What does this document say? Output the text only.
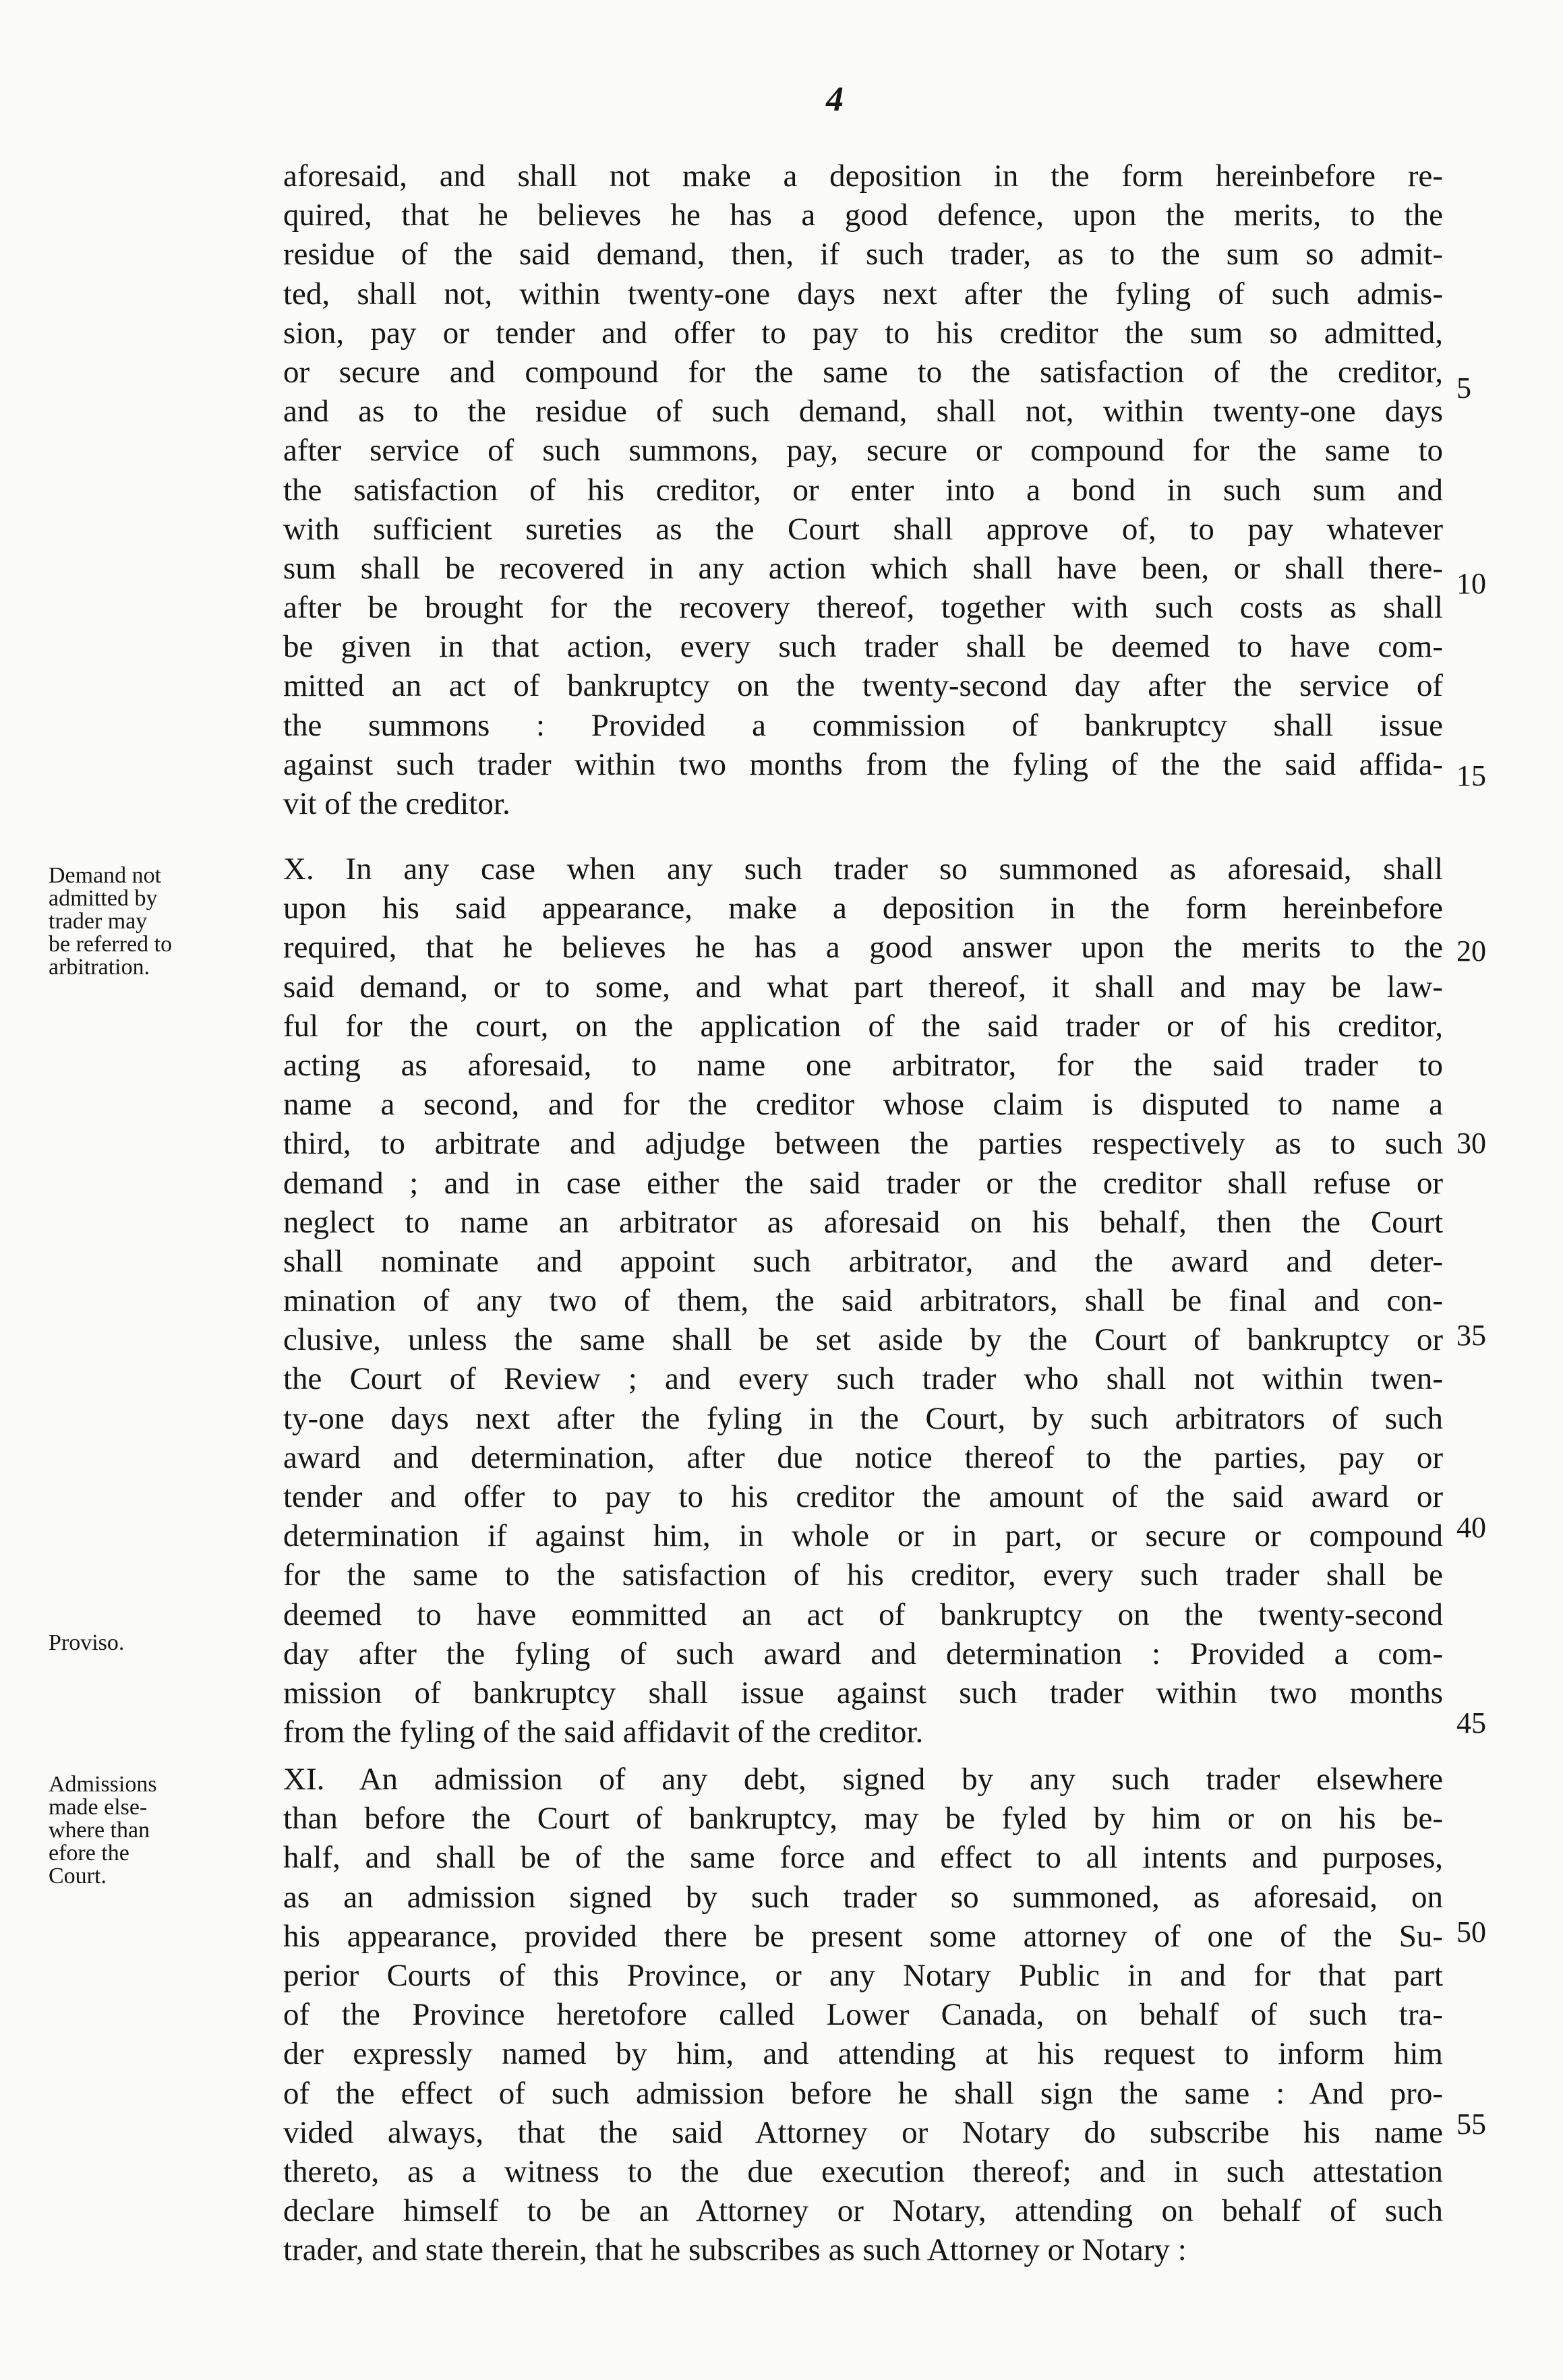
4
aforesaid, and shall not make a deposition in the form hereinbefore re-
quired, that he believes he has a good defence, upon the merits, to the
residue of the said demand, then, if such trader, as to the sum so admit-
ted, shall not, within twenty-one days next after the fyling of such admis-
sion, pay or tender and offer to pay to his creditor the sum so admitted,
or secure and compound for the same to the satisfaction of the creditor,
and as to the residue of such demand, shall not, within twenty-one days
after service of such summons, pay, secure or compound for the same to
the satisfaction of his creditor, or enter into a bond in such sum and
with sufficient sureties as the Court shall approve of, to pay whatever
sum shall be recovered in any action which shall have been, or shall there-
after be brought for the recovery thereof, together with such costs as shall
be given in that action, every such trader shall be deemed to have com-
mitted an act of bankruptcy on the twenty-second day after the service of
the summons : Provided a commission of bankruptcy shall issue
against such trader within two months from the fyling of the the said affida-
vit of the creditor.
X. In any case when any such trader so summoned as aforesaid, shall
upon his said appearance, make a deposition in the form hereinbefore
required, that he believes he has a good answer upon the merits to the
said demand, or to some, and what part thereof, it shall and may be law-
ful for the court, on the application of the said trader or of his creditor,
acting as aforesaid, to name one arbitrator, for the said trader to
name a second, and for the creditor whose claim is disputed to name a
third, to arbitrate and adjudge between the parties respectively as to such
demand ; and in case either the said trader or the creditor shall refuse or
neglect to name an arbitrator as aforesaid on his behalf, then the Court
shall nominate and appoint such arbitrator, and the award and deter-
mination of any two of them, the said arbitrators, shall be final and con-
clusive, unless the same shall be set aside by the Court of bankruptcy or
the Court of Review ; and every such trader who shall not within twen-
ty-one days next after the fyling in the Court, by such arbitrators of such
award and determination, after due notice thereof to the parties, pay or
tender and offer to pay to his creditor the amount of the said award or
determination if against him, in whole or in part, or secure or compound
for the same to the satisfaction of his creditor, every such trader shall be
deemed to have eommitted an act of bankruptcy on the twenty-second
day after the fyling of such award and determination : Provided a com-
mission of bankruptcy shall issue against such trader within two months
from the fyling of the said affidavit of the creditor.
XI. An admission of any debt, signed by any such trader elsewhere
than before the Court of bankruptcy, may be fyled by him or on his be-
half, and shall be of the same force and effect to all intents and purposes,
as an admission signed by such trader so summoned, as aforesaid, on
his appearance, provided there be present some attorney of one of the Su-
perior Courts of this Province, or any Notary Public in and for that part
of the Province heretofore called Lower Canada, on behalf of such tra-
der expressly named by him, and attending at his request to inform him
of the effect of such admission before he shall sign the same : And pro-
vided always, that the said Attorney or Notary do subscribe his name
thereto, as a witness to the due execution thereof; and in such attestation
declare himself to be an Attorney or Notary, attending on behalf of such
trader, and state therein, that he subscribes as such Attorney or Notary :
Demand not
admitted by
trader may
be referred to
arbitration.
Proviso.
Admissions
made else-
where than
efore the
Court.
5
10
15
20
30
35
40
45
50
55
